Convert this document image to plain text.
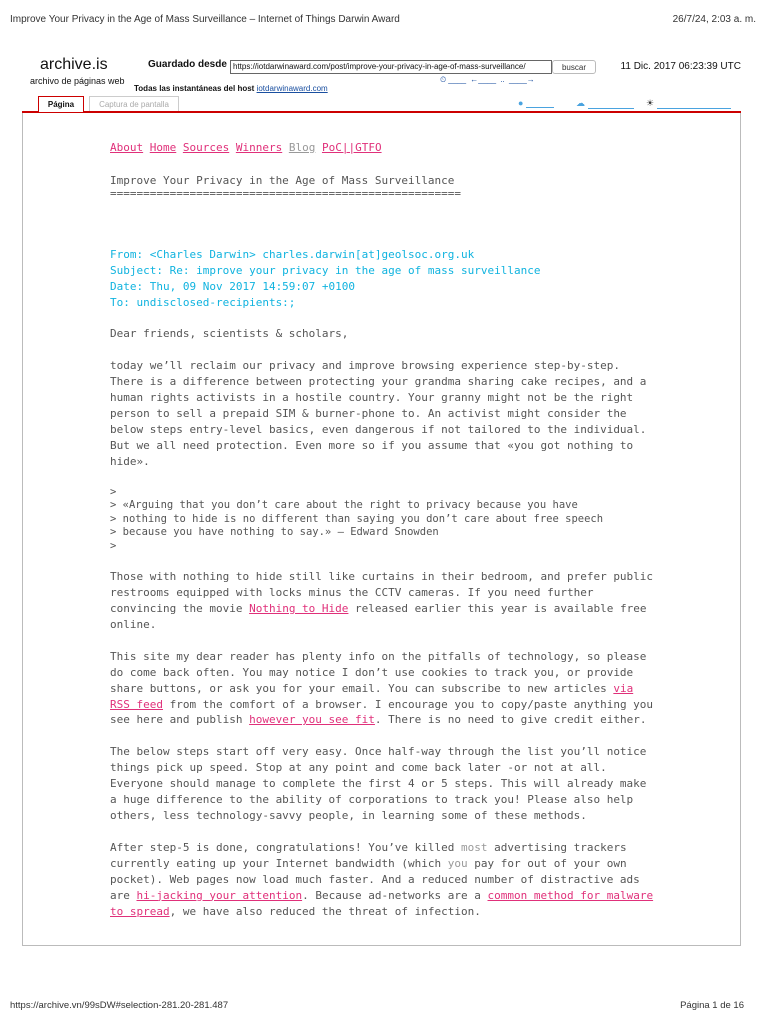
Improve Your Privacy in the Age of Mass Surveillance – Internet of Things Darwin Award	26/7/24, 2:03 a. m.
archive.is
archivo de páginas web
Guardado desde
https://iotdarwinaward.com/post/improve-your-privacy-in-age-of-mass-surveillance/	buscar	11 Dic. 2017 06:23:39 UTC
⏲ ____ ←____ .. ____→
Todas las instantáneas del host iotdarwinaward.com
Página	Captura de pantalla	●	☁	☀
About Home Sources Winners Blog PoC||GTFO
Improve Your Privacy in the Age of Mass Surveillance
=====================================================
From: <Charles Darwin> charles.darwin[at]geolsoc.org.uk
Subject: Re: improve your privacy in the age of mass surveillance
Date: Thu, 09 Nov 2017 14:59:07 +0100
To: undisclosed-recipients:;

Dear friends, scientists & scholars,

today we’ll reclaim our privacy and improve browsing experience step-by-step. There is a difference between protecting your grandma sharing cake recipes, and a human rights activists in a hostile country. Your granny might not be the right person to sell a prepaid SIM & burner-phone to. An activist might consider the below steps entry-level basics, even dangerous if not tailored to the individual. But we all need protection. Even more so if you assume that «you got nothing to hide».

>
> «Arguing that you don’t care about the right to privacy because you have
> nothing to hide is no different than saying you don’t care about free speech
> because you have nothing to say.» — Edward Snowden
>

Those with nothing to hide still like curtains in their bedroom, and prefer public restrooms equipped with locks minus the CCTV cameras. If you need further convincing the movie Nothing to Hide released earlier this year is available free online.

This site my dear reader has plenty info on the pitfalls of technology, so please do come back often. You may notice I don’t use cookies to track you, or provide share buttons, or ask you for your email. You can subscribe to new articles via RSS feed from the comfort of a browser. I encourage you to copy/paste anything you see here and publish however you see fit. There is no need to give credit either.

The below steps start off very easy. Once half-way through the list you’ll notice things pick up speed. Stop at any point and come back later -or not at all. Everyone should manage to complete the first 4 or 5 steps. This will already make a huge difference to the ability of corporations to track you! Please also help others, less technology-savvy people, in learning some of these methods.

After step-5 is done, congratulations! You’ve killed most advertising trackers currently eating up your Internet bandwidth (which you pay for out of your own pocket). Web pages now load much faster. And a reduced number of distractive ads are hi-jacking your attention. Because ad-networks are a common method for malware to spread, we have also reduced the threat of infection.

https://archive.vn/99sDW#selection-281.20-281.487	Página 1 de 16
